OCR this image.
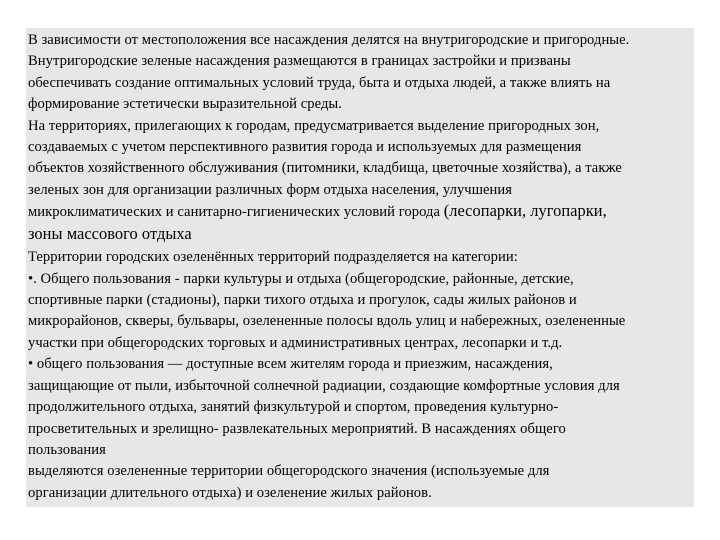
В зависимости от местоположения все насаждения делятся на внутригородские и пригородные.
Внутригородские зеленые насаждения размещаются в границах застройки и призваны
обеспечивать создание оптимальных условий труда, быта и отдыха людей, а также влиять на
формирование эстетически выразительной среды.
На территориях, прилегающих к городам, предусматривается выделение пригородных зон,
создаваемых с учетом перспективного развития города и используемых для размещения
объектов хозяйственного обслуживания (питомники, кладбища, цветочные хозяйства), а также
зеленых зон для организации различных форм отдыха населения, улучшения
микроклиматических и санитарно-гигиенических условий города (лесопарки, лугопарки,
зоны массового отдыха
Территории городских озеленённых территорий подразделяется на категории:
•. Общего пользования - парки культуры и отдыха (общегородские, районные, детские,
спортивные парки (стадионы), парки тихого отдыха и прогулок, сады жилых районов и
микрорайонов, скверы, бульвары, озелененные полосы вдоль улиц и набережных, озелененные
участки при общегородских торговых и административных центрах, лесопарки и т.д.
• общего пользования — доступные всем жителям города и приезжим, насаждения,
защищающие от пыли, избыточной солнечной радиации, создающие комфортные условия для
продолжительного отдыха, занятий физкультурой и спортом, проведения культурно-
просветительных и зрелищно- развлекательных мероприятий. В насаждениях общего
пользования
выделяются озелененные территории общегородского значения (используемые для
организации длительного отдыха) и озеленение жилых районов.
